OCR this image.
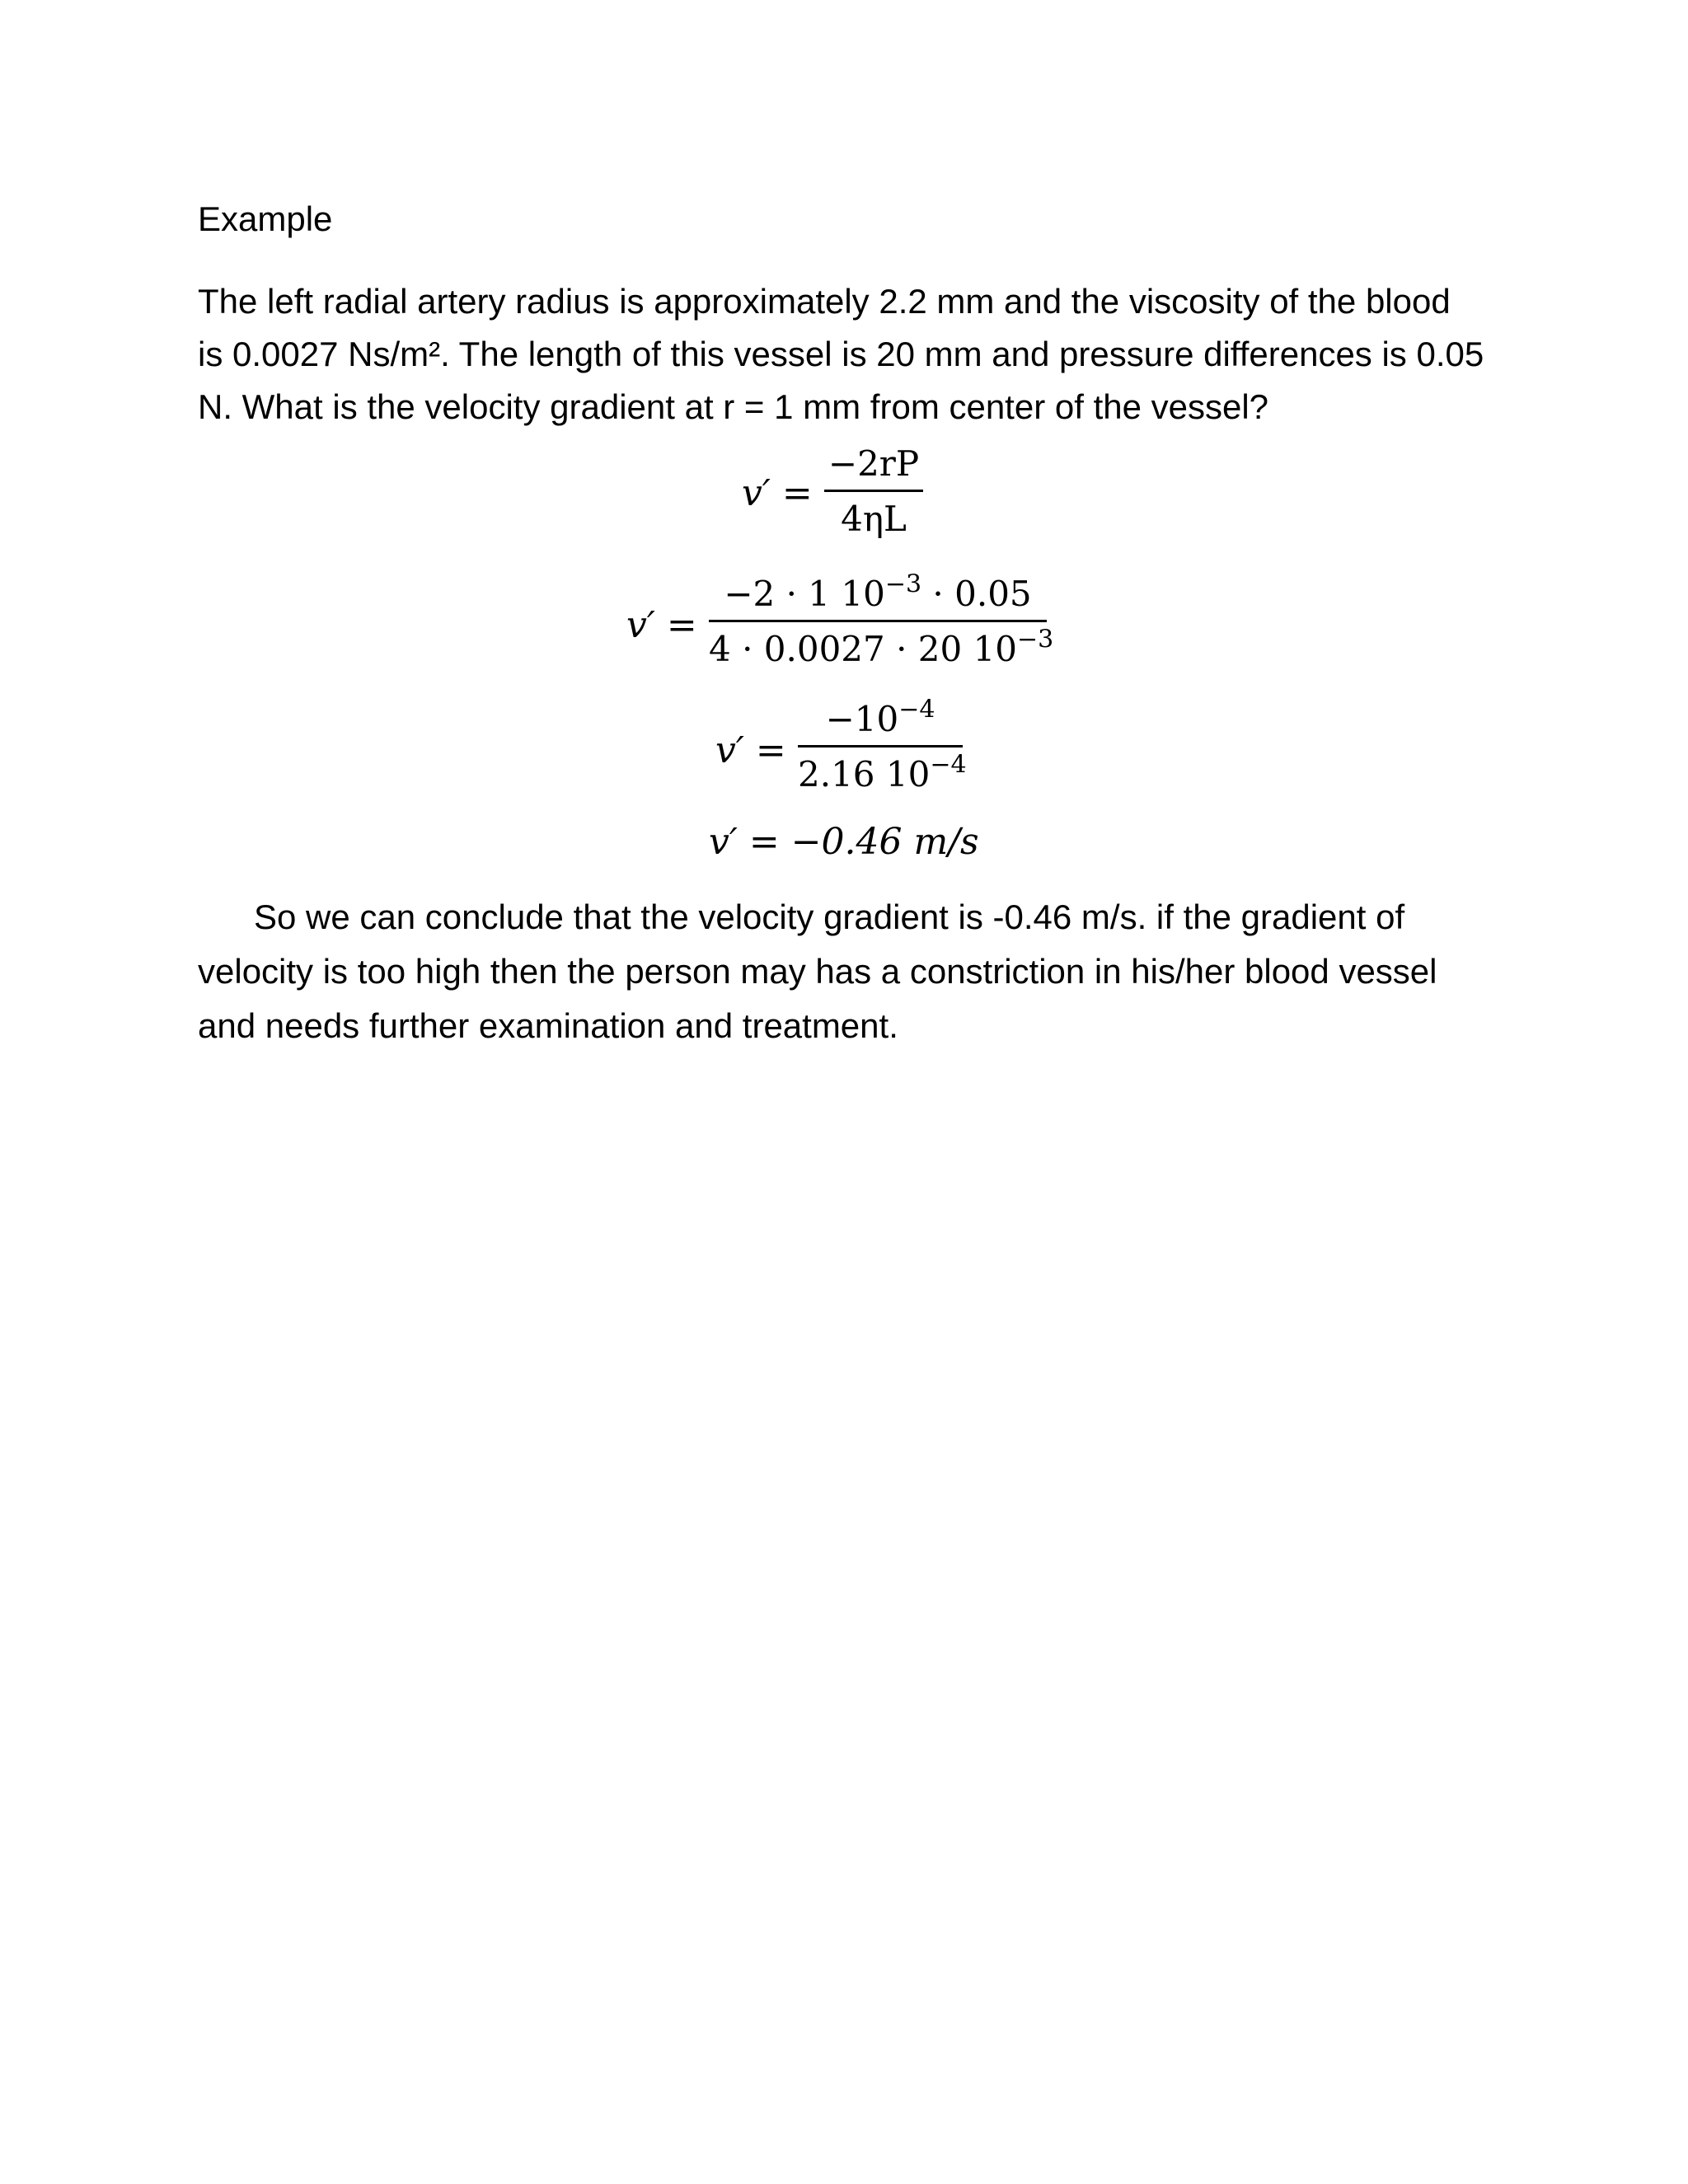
Example
The left radial artery radius is approximately 2.2 mm and the viscosity of the blood
is 0.0027 Ns/m². The length of this vessel is 20 mm and pressure differences is 0.05
N. What is the velocity gradient at r = 1 mm from center of the vessel?
v′ =
−2rP
4ηL
v′ =
−2 · 1 $10^{-3} \cdot 0.05$
4 · 0.0027 · 20 $10^{-3}$
v′ =
$-10^{-4}$
2.16 $10^{-4}$
v′ = −0.46 m/s
So we can conclude that the velocity gradient is -0.46 m/s. if the gradient of
velocity is too high then the person may has a constriction in his/her blood vessel
and needs further examination and treatment.
